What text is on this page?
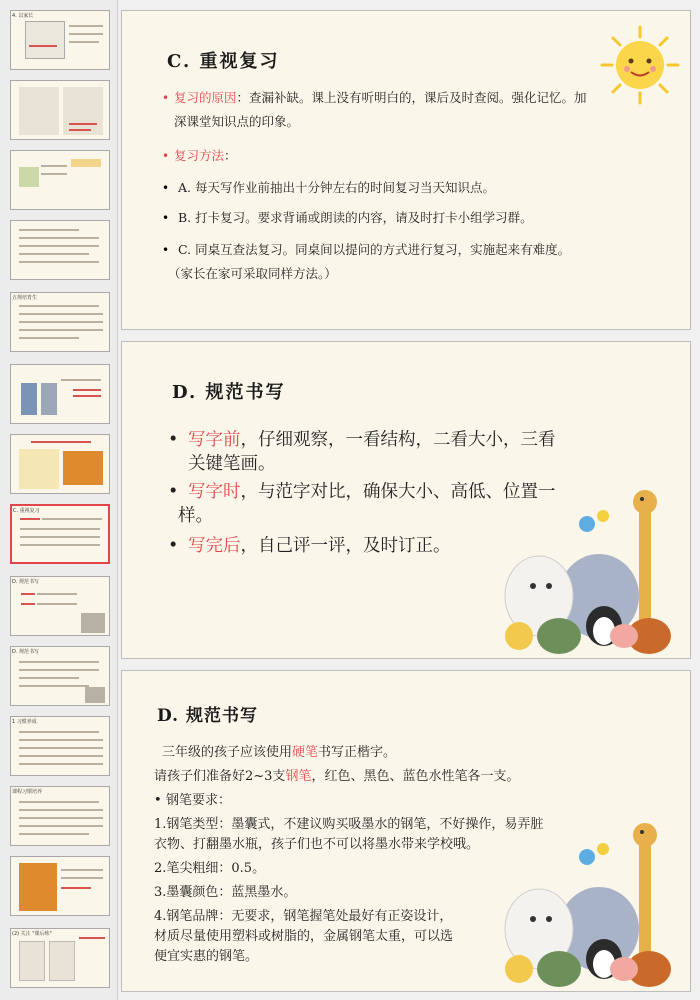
4. 以家长
五规培育生
C. 重视复习
D. 规范书写
D. 规范书写
1 习惯养成
课程习惯培养
(2) 关注 "课后练"
C. 重视复习
• 复习的原因：查漏补缺。课上没有听明白的，课后及时查阅。强化记忆。加
深课堂知识点的印象。
• 复习方法：
• A. 每天写作业前抽出十分钟左右的时间复习当天知识点。
• B. 打卡复习。要求背诵或朗读的内容，请及时打卡小组学习群。
• C. 同桌互查法复习。同桌间以提问的方式进行复习，实施起来有难度。
（家长在家可采取同样方法。）
D. 规范书写
• 写字前，仔细观察，一看结构，二看大小，三看
关键笔画。
• 写字时，与范字对比，确保大小、高低、位置一
样。
• 写完后，自己评一评，及时订正。
D. 规范书写
三年级的孩子应该使用硬笔书写正楷字。
请孩子们准备好2~3支钢笔，红色、黑色、蓝色水性笔各一支。
• 钢笔要求：
1.钢笔类型：墨囊式，不建议购买吸墨水的钢笔，不好操作，易弄脏
衣物、打翻墨水瓶，孩子们也不可以将墨水带来学校哦。
2.笔尖粗细：0.5。
3.墨囊颜色：蓝黑墨水。
4.钢笔品牌：无要求，钢笔握笔处最好有正姿设计，
材质尽量使用塑料或树脂的，金属钢笔太重，可以选
便宜实惠的钢笔。
